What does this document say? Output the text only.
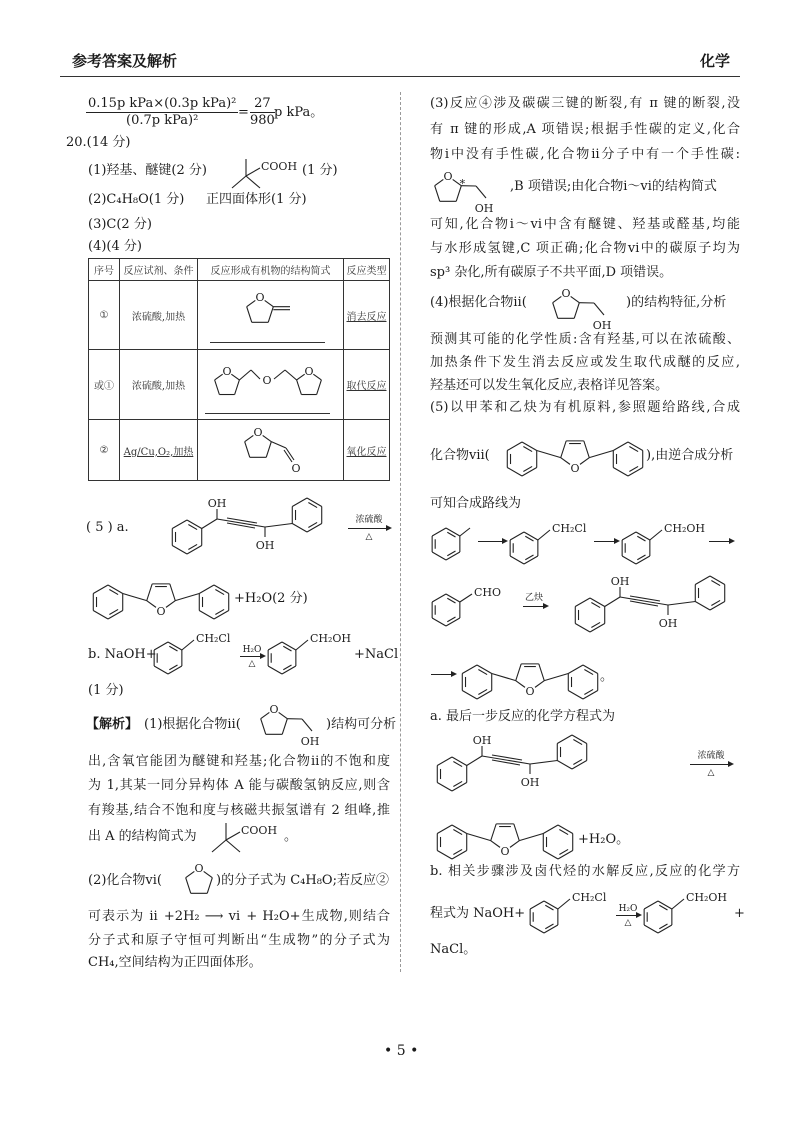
参考答案及解析	化学
0.15p kPa×(0.3p kPa)²
(0.7p kPa)²
= $\frac{27}{980}$ p kPa。
20.(14 分)
(1)羟基、醚键(2 分)	COOH (1 分)
(2)C₄H₈O(1 分) 正四面体形(1 分)
(3)C(2 分)
(4)(4 分)
序号	反应试剂、条件	反应形成有机物的结构简式	反应类型
①	浓硫酸,加热		消去反应
或①	浓硫酸,加热		取代反应
②	Ag/Cu,O₂,加热		氧化反应
O
O
O
O
O
O
( 5 ) a.
OH
OH
浓硫酸
△
O
+H₂O(2 分)
b. NaOH+
CH₂Cl
H₂O
△
CH₂OH
+NaCl
(1 分)
【解析】 (1)根据化合物ⅱ(
O
OH
)结构可分析
出,含氧官能团为醚键和羟基;化合物ⅱ的不饱和度
为 1,其某一同分异构体 A 能与碳酸氢钠反应,则含
有羧基,结合不饱和度与核磁共振氢谱有 2 组峰,推
出 A 的结构简式为	COOH 。
(2)化合物ⅵ(
O
)的分子式为 C₄H₈O;若反应②
可表示为 ⅱ +2H₂ ⟶ ⅵ + H₂O+生成物,则结合
分子式和原子守恒可判断出“生成物”的分子式为
CH₄,空间结构为正四面体形。
(3)反应④涉及碳碳三键的断裂,有 π 键的断裂,没
有 π 键的形成,A 项错误;根据手性碳的定义,化合
物ⅰ中没有手性碳,化合物ⅱ分子中有一个手性碳:
O
OH
*	,B 项错误;由化合物ⅰ～ⅵ的结构简式
可知,化合物ⅰ～ⅵ中含有醚键、羟基或醛基,均能
与水形成氢键,C 项正确;化合物ⅵ中的碳原子均为
sp³ 杂化,所有碳原子不共平面,D 项错误。
(4)根据化合物ⅱ(
O
OH
)的结构特征,分析
预测其可能的化学性质:含有羟基,可以在浓硫酸、
加热条件下发生消去反应或发生取代成醚的反应,
羟基还可以发生氧化反应,表格详见答案。
(5)以甲苯和乙炔为有机原料,参照题给路线,合成
化合物ⅶ(
O
),由逆合成分析
可知合成路线为
CH₂Cl	CH₂OH
CHO	乙炔
OH
OH
O
。
a. 最后一步反应的化学方程式为
OH
OH
浓硫酸
△
O
+H₂O。
b. 相关步骤涉及卤代烃的水解反应,反应的化学方
程式为 NaOH+
CH₂Cl
H₂O
△
CH₂OH
+
NaCl。
• 5 •
